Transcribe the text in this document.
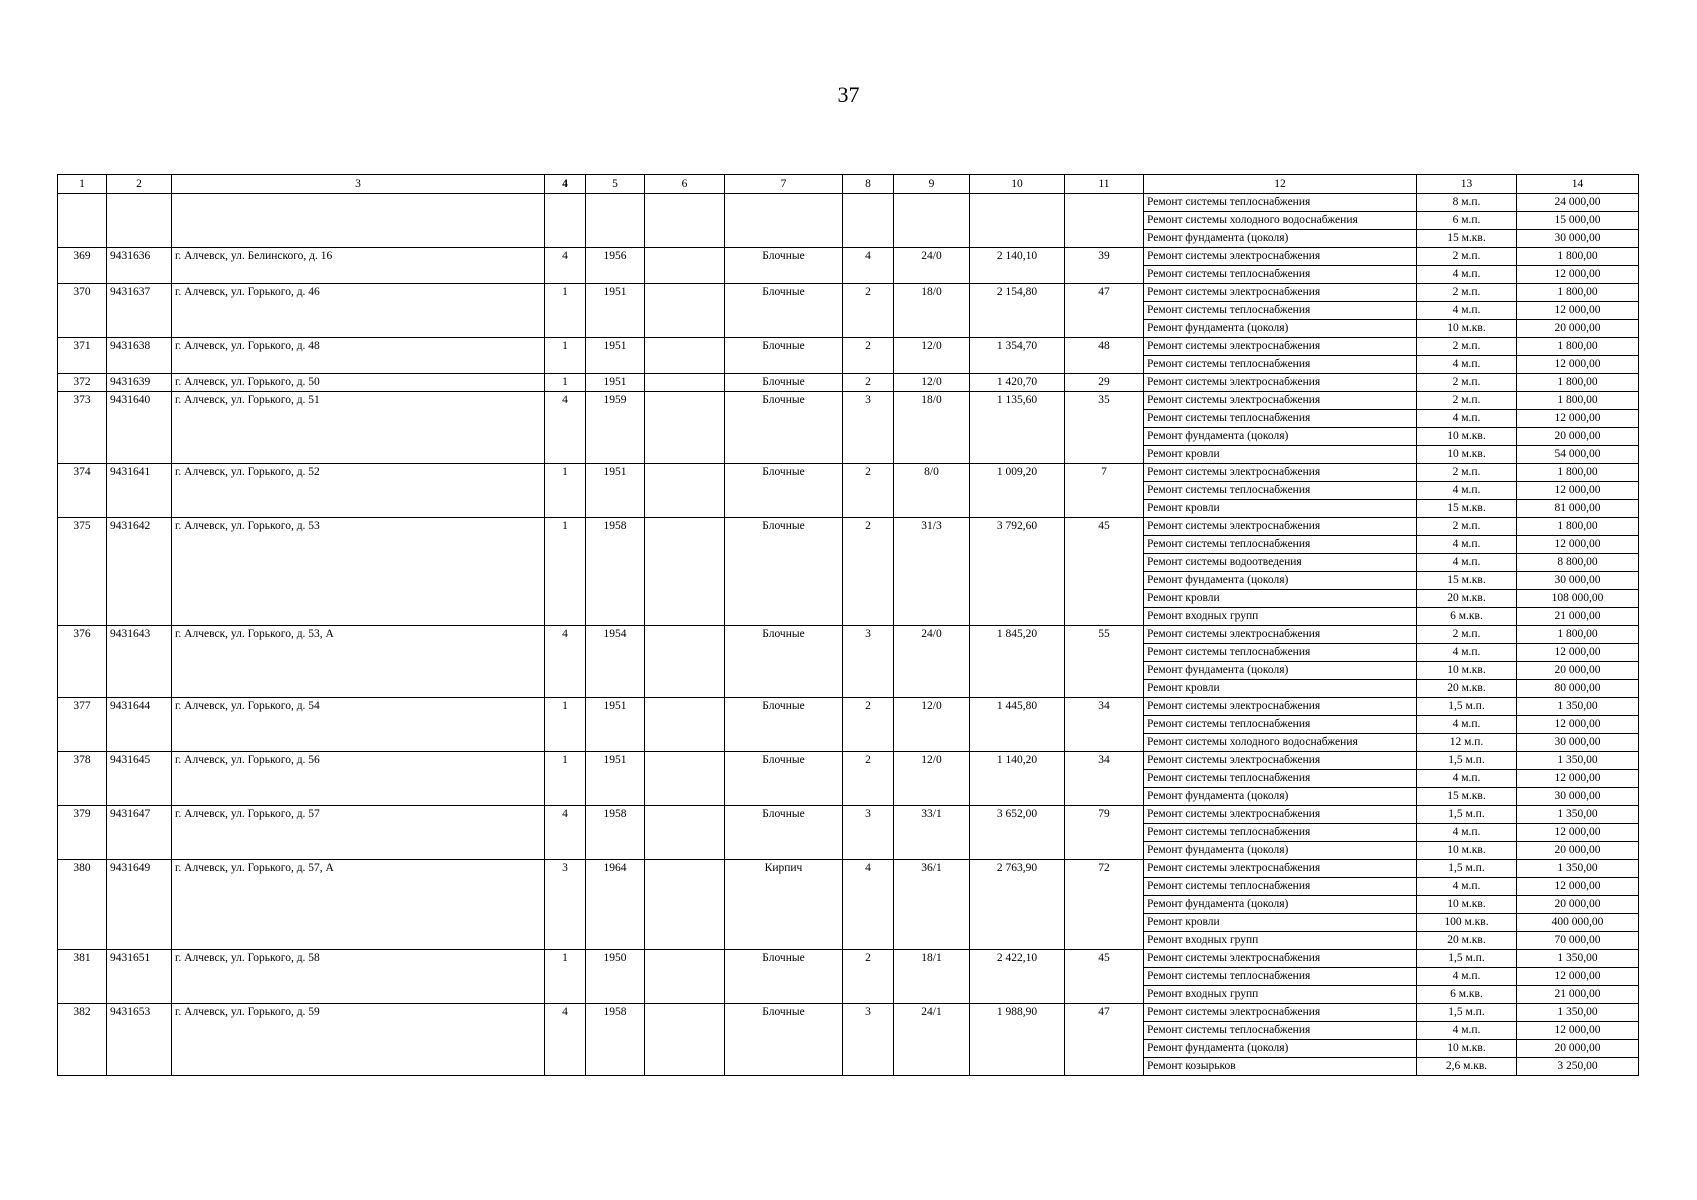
37
1	2	3	4	5	6	7	8	9	10	11	12	13	14
											Ремонт системы теплоснабжения	8 м.п.	24 000,00
											Ремонт системы холодного водоснабжения	6 м.п.	15 000,00
											Ремонт фундамента (цоколя)	15 м.кв.	30 000,00
369	9431636	г. Алчевск, ул. Белинского, д. 16	4	1956		Блочные	4	24/0	2 140,10	39	Ремонт системы электроснабжения	2 м.п.	1 800,00
											Ремонт системы теплоснабжения	4 м.п.	12 000,00
370	9431637	г. Алчевск, ул. Горького, д. 46	1	1951		Блочные	2	18/0	2 154,80	47	Ремонт системы электроснабжения	2 м.п.	1 800,00
											Ремонт системы теплоснабжения	4 м.п.	12 000,00
											Ремонт фундамента (цоколя)	10 м.кв.	20 000,00
371	9431638	г. Алчевск, ул. Горького, д. 48	1	1951		Блочные	2	12/0	1 354,70	48	Ремонт системы электроснабжения	2 м.п.	1 800,00
											Ремонт системы теплоснабжения	4 м.п.	12 000,00
372	9431639	г. Алчевск, ул. Горького, д. 50	1	1951		Блочные	2	12/0	1 420,70	29	Ремонт системы электроснабжения	2 м.п.	1 800,00
373	9431640	г. Алчевск, ул. Горького, д. 51	4	1959		Блочные	3	18/0	1 135,60	35	Ремонт системы электроснабжения	2 м.п.	1 800,00
											Ремонт системы теплоснабжения	4 м.п.	12 000,00
											Ремонт фундамента (цоколя)	10 м.кв.	20 000,00
											Ремонт кровли	10 м.кв.	54 000,00
374	9431641	г. Алчевск, ул. Горького, д. 52	1	1951		Блочные	2	8/0	1 009,20	7	Ремонт системы электроснабжения	2 м.п.	1 800,00
											Ремонт системы теплоснабжения	4 м.п.	12 000,00
											Ремонт кровли	15 м.кв.	81 000,00
375	9431642	г. Алчевск, ул. Горького, д. 53	1	1958		Блочные	2	31/3	3 792,60	45	Ремонт системы электроснабжения	2 м.п.	1 800,00
											Ремонт системы теплоснабжения	4 м.п.	12 000,00
											Ремонт системы водоотведения	4 м.п.	8 800,00
											Ремонт фундамента (цоколя)	15 м.кв.	30 000,00
											Ремонт кровли	20 м.кв.	108 000,00
											Ремонт входных групп	6 м.кв.	21 000,00
376	9431643	г. Алчевск, ул. Горького, д. 53, А	4	1954		Блочные	3	24/0	1 845,20	55	Ремонт системы электроснабжения	2 м.п.	1 800,00
											Ремонт системы теплоснабжения	4 м.п.	12 000,00
											Ремонт фундамента (цоколя)	10 м.кв.	20 000,00
											Ремонт кровли	20 м.кв.	80 000,00
377	9431644	г. Алчевск, ул. Горького, д. 54	1	1951		Блочные	2	12/0	1 445,80	34	Ремонт системы электроснабжения	1,5 м.п.	1 350,00
											Ремонт системы теплоснабжения	4 м.п.	12 000,00
											Ремонт системы холодного водоснабжения	12 м.п.	30 000,00
378	9431645	г. Алчевск, ул. Горького, д. 56	1	1951		Блочные	2	12/0	1 140,20	34	Ремонт системы электроснабжения	1,5 м.п.	1 350,00
											Ремонт системы теплоснабжения	4 м.п.	12 000,00
											Ремонт фундамента (цоколя)	15 м.кв.	30 000,00
379	9431647	г. Алчевск, ул. Горького, д. 57	4	1958		Блочные	3	33/1	3 652,00	79	Ремонт системы электроснабжения	1,5 м.п.	1 350,00
											Ремонт системы теплоснабжения	4 м.п.	12 000,00
											Ремонт фундамента (цоколя)	10 м.кв.	20 000,00
380	9431649	г. Алчевск, ул. Горького, д. 57, А	3	1964		Кирпич	4	36/1	2 763,90	72	Ремонт системы электроснабжения	1,5 м.п.	1 350,00
											Ремонт системы теплоснабжения	4 м.п.	12 000,00
											Ремонт фундамента (цоколя)	10 м.кв.	20 000,00
											Ремонт кровли	100 м.кв.	400 000,00
											Ремонт входных групп	20 м.кв.	70 000,00
381	9431651	г. Алчевск, ул. Горького, д. 58	1	1950		Блочные	2	18/1	2 422,10	45	Ремонт системы электроснабжения	1,5 м.п.	1 350,00
											Ремонт системы теплоснабжения	4 м.п.	12 000,00
											Ремонт входных групп	6 м.кв.	21 000,00
382	9431653	г. Алчевск, ул. Горького, д. 59	4	1958		Блочные	3	24/1	1 988,90	47	Ремонт системы электроснабжения	1,5 м.п.	1 350,00
											Ремонт системы теплоснабжения	4 м.п.	12 000,00
											Ремонт фундамента (цоколя)	10 м.кв.	20 000,00
											Ремонт козырьков	2,6 м.кв.	3 250,00
